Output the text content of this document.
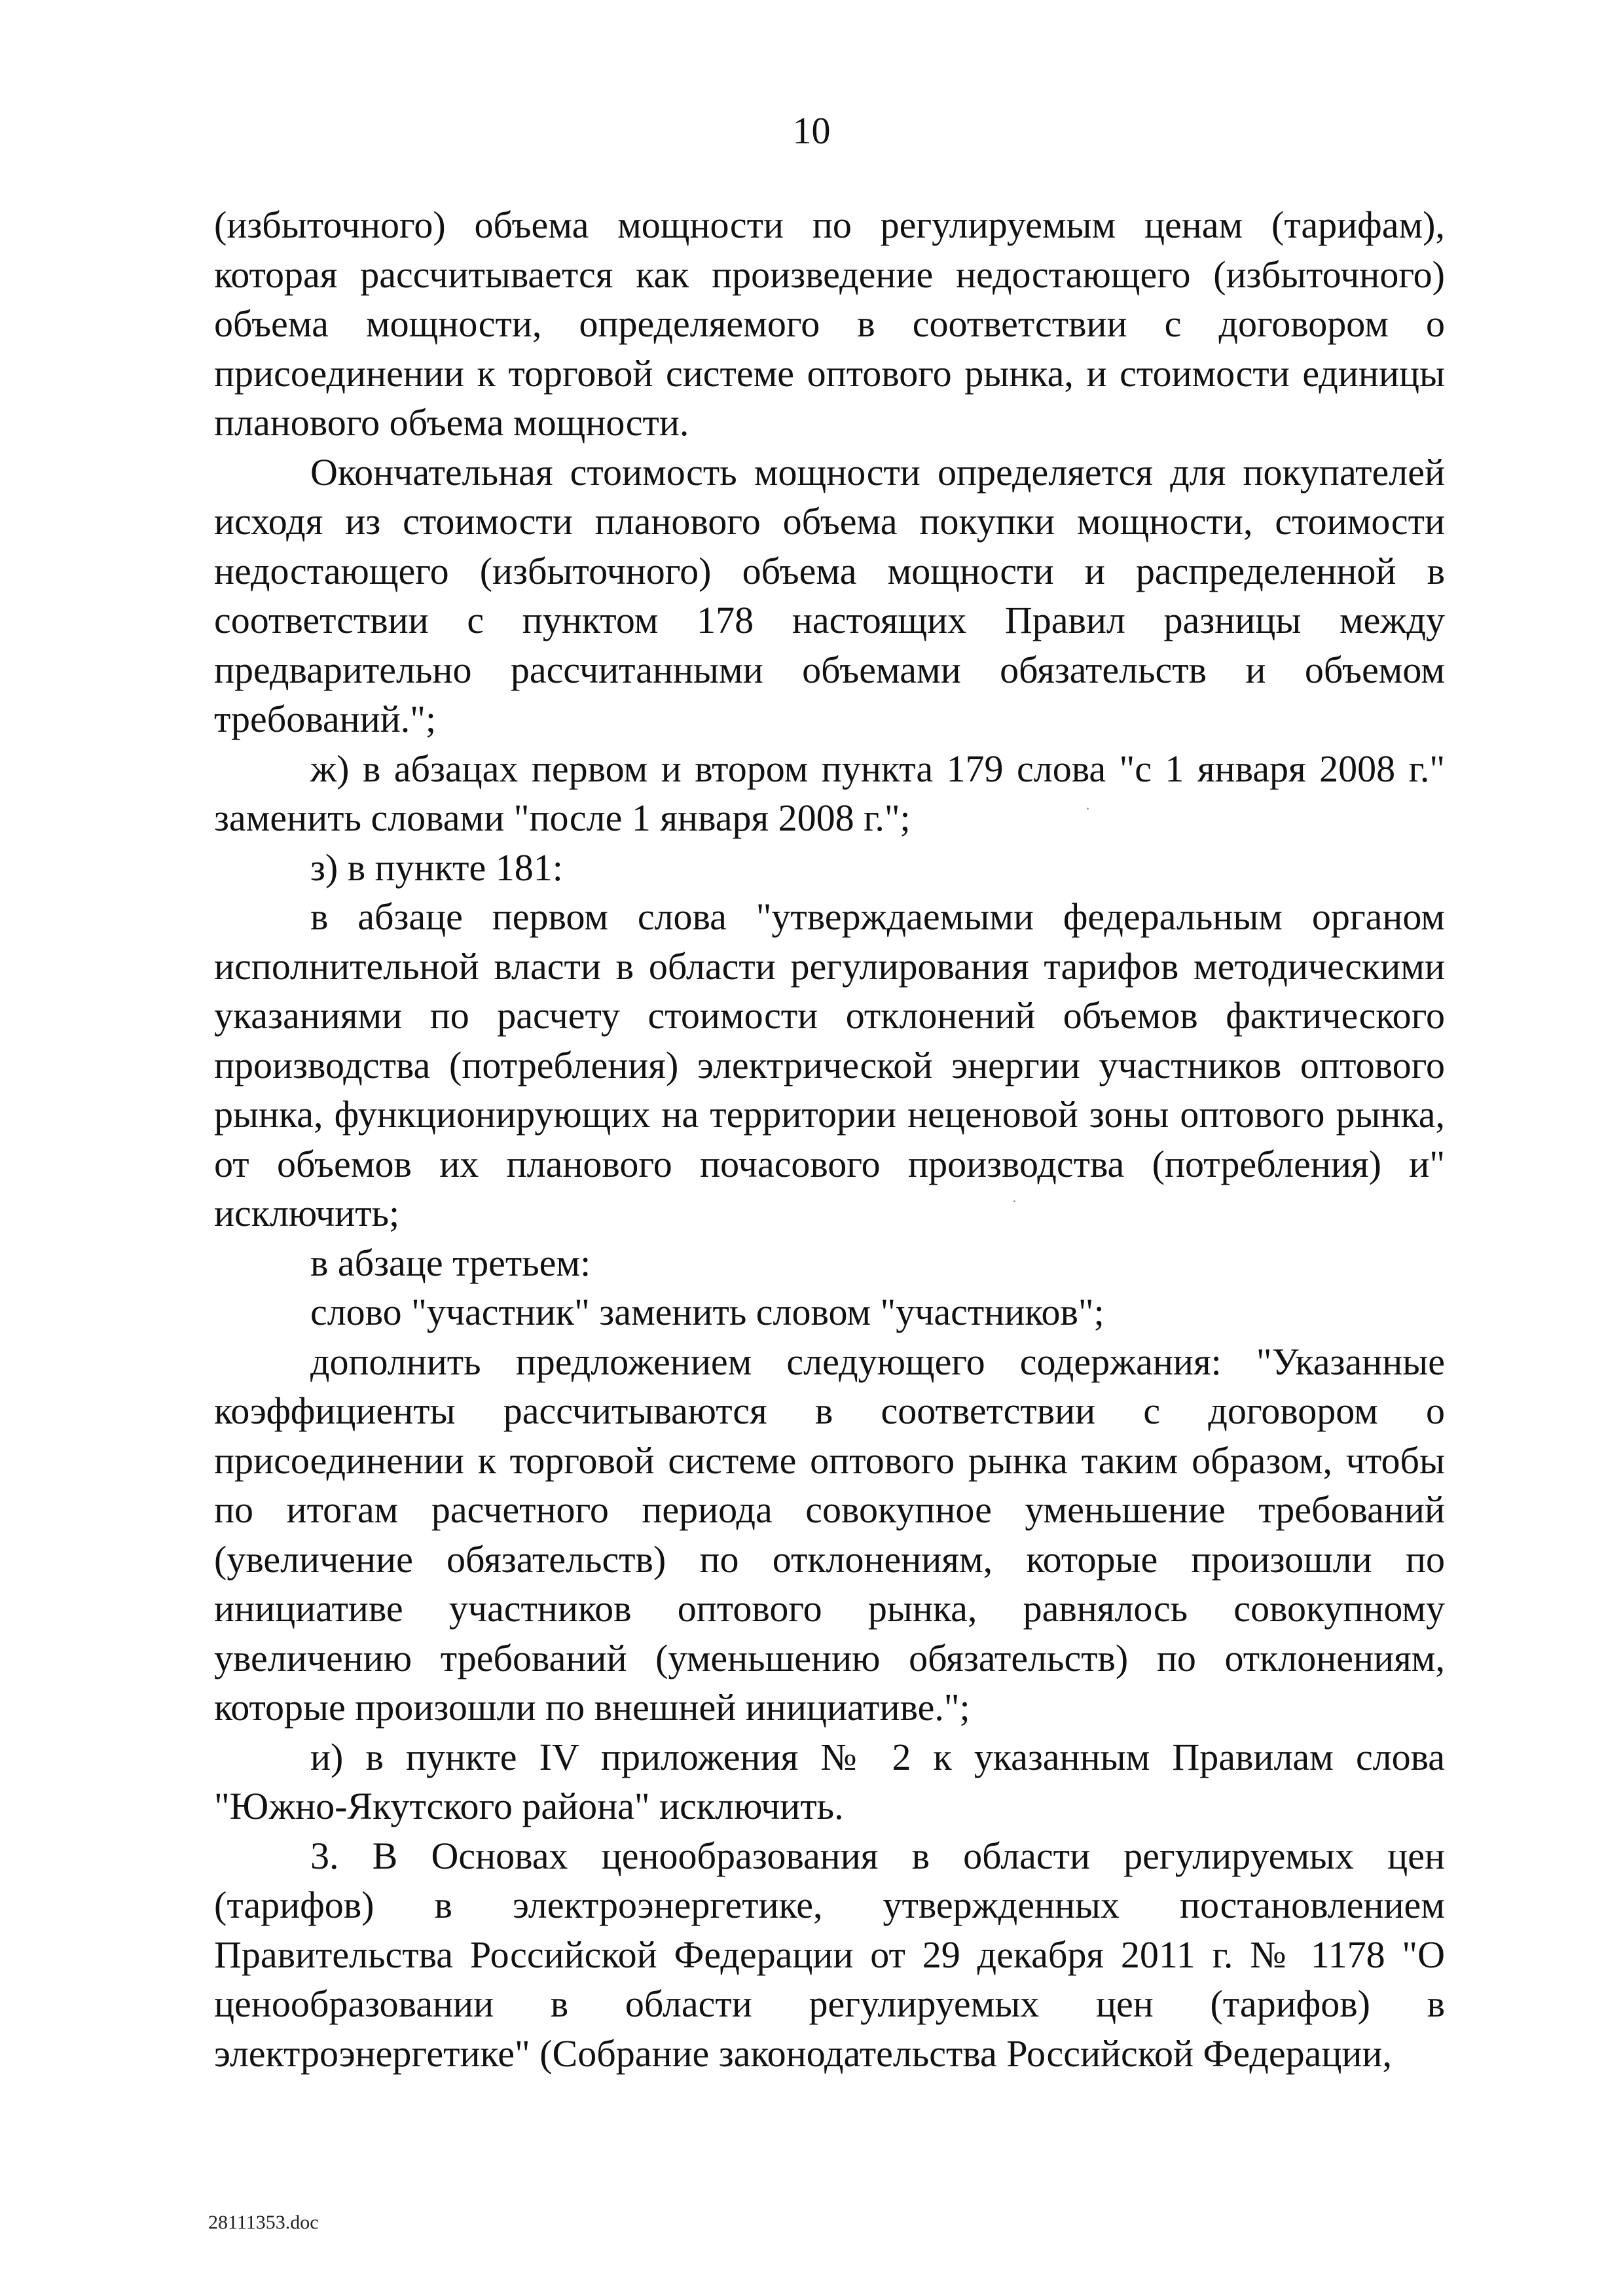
10

(избыточного) объема мощности по регулируемым ценам (тарифам), которая рассчитывается как произведение недостающего (избыточного) объема мощности, определяемого в соответствии с договором о присоединении к торговой системе оптового рынка, и стоимости единицы планового объема мощности.

Окончательная стоимость мощности определяется для покупателей исходя из стоимости планового объема покупки мощности, стоимости недостающего (избыточного) объема мощности и распределенной в соответствии с пунктом 178 настоящих Правил разницы между предварительно рассчитанными объемами обязательств и объемом требований.";

ж) в абзацах первом и втором пункта 179 слова "с 1 января 2008 г." заменить словами "после 1 января 2008 г.";

з) в пункте 181:

в абзаце первом слова "утверждаемыми федеральным органом исполнительной власти в области регулирования тарифов методическими указаниями по расчету стоимости отклонений объемов фактического производства (потребления) электрической энергии участников оптового рынка, функционирующих на территории неценовой зоны оптового рынка, от объемов их планового почасового производства (потребления) и" исключить;

в абзаце третьем:

слово "участник" заменить словом "участников";

дополнить предложением следующего содержания: "Указанные коэффициенты рассчитываются в соответствии с договором о присоединении к торговой системе оптового рынка таким образом, чтобы по итогам расчетного периода совокупное уменьшение требований (увеличение обязательств) по отклонениям, которые произошли по инициативе участников оптового рынка, равнялось совокупному увеличению требований (уменьшению обязательств) по отклонениям, которые произошли по внешней инициативе.";

и) в пункте IV приложения № 2 к указанным Правилам слова "Южно-Якутского района" исключить.

3. В Основах ценообразования в области регулируемых цен (тарифов) в электроэнергетике, утвержденных постановлением Правительства Российской Федерации от 29 декабря 2011 г. № 1178 "О ценообразовании в области регулируемых цен (тарифов) в электроэнергетике" (Собрание законодательства Российской Федерации,

28111353.doc
